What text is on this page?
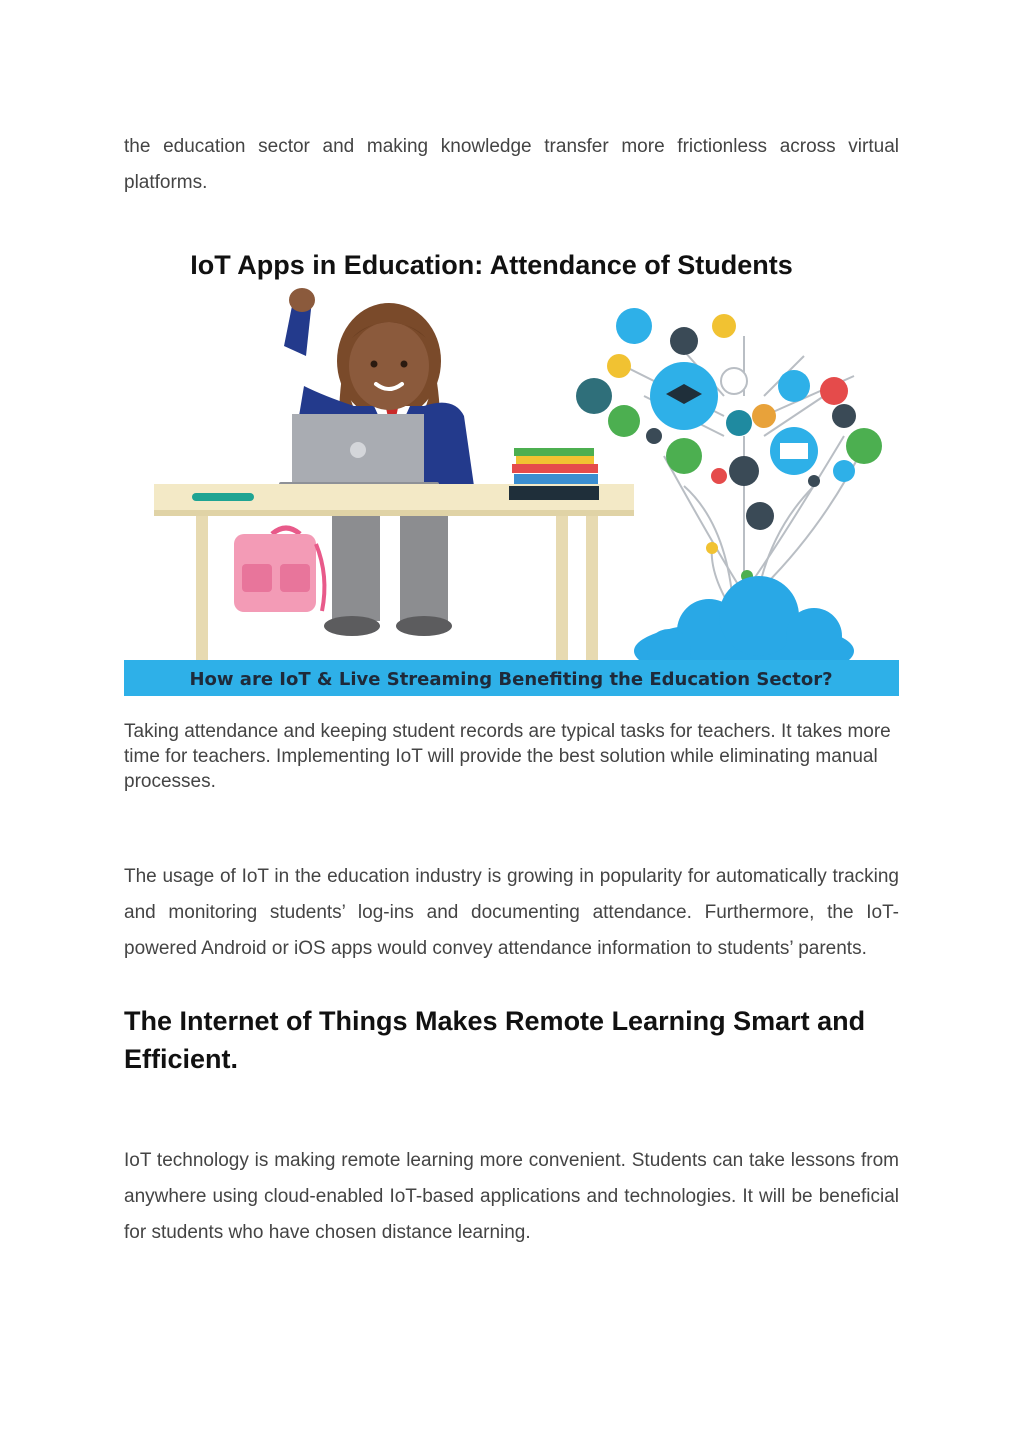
the education sector and making knowledge transfer more frictionless across virtual platforms.

IoT Apps in Education: Attendance of Students
How are IoT & Live Streaming Benefiting the Education Sector?

Taking attendance and keeping student records are typical tasks for teachers. It takes more time for teachers. Implementing IoT will provide the best solution while eliminating manual processes.

The usage of IoT in the education industry is growing in popularity for automatically tracking and monitoring students’ log-ins and documenting attendance. Furthermore, the IoT-powered Android or iOS apps would convey attendance information to students’ parents.

The Internet of Things Makes Remote Learning Smart and Efficient.

IoT technology is making remote learning more convenient. Students can take lessons from anywhere using cloud-enabled IoT-based applications and technologies. It will be beneficial for students who have chosen distance learning.
